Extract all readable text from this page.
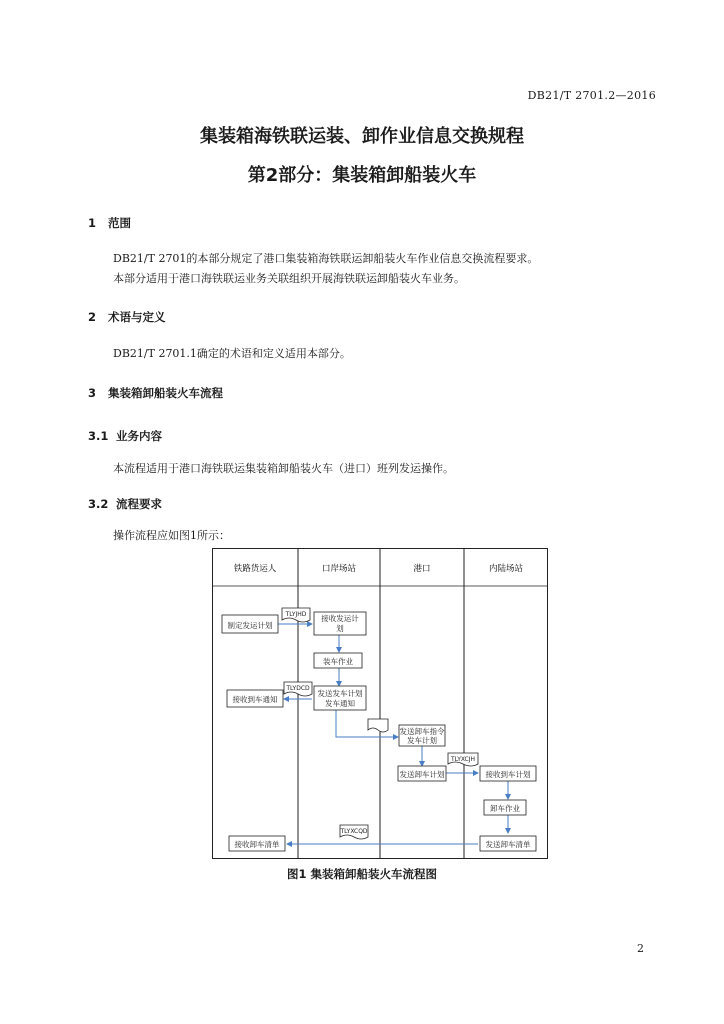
DB21/T 2701.2—2016
集装箱海铁联运装、卸作业信息交换规程
第2部分：集装箱卸船装火车
1 范围
DB21/T 2701的本部分规定了港口集装箱海铁联运卸船装火车作业信息交换流程要求。
本部分适用于港口海铁联运业务关联组织开展海铁联运卸船装火车业务。
2 术语与定义
DB21/T 2701.1确定的术语和定义适用本部分。
3 集装箱卸船装火车流程
3.1 业务内容
本流程适用于港口海铁联运集装箱卸船装火车（进口）班列发运操作。
3.2 流程要求
操作流程应如图1所示：
铁路货运人	口岸场站	港口	内陆场站
制定发运计划
接收发运计
划
装车作业
接收到车通知
发送发车计划
发车通知
发送卸车指令
发车计划
发送卸车计划	接收到车计划
卸车作业
发送卸车清单
接收卸车清单
TLYJHD
TLYDCD
TLYXCJH
TLYXCQD
图1 集装箱卸船装火车流程图
2
